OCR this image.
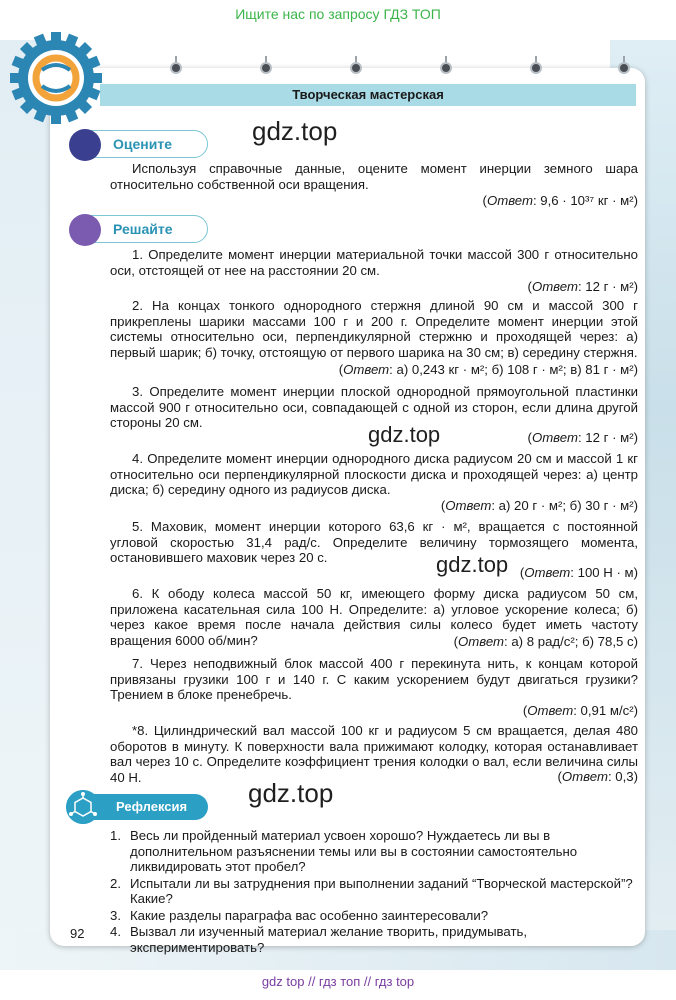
Ищите нас по запросу ГДЗ ТОП
Творческая мастерская
Оцените	gdz.top
Используя справочные данные, оцените момент инерции земного шара относительно собственной оси вращения.
(Ответ: 9,6 · 10³⁷ кг · м²)
Решайте
1. Определите момент инерции материальной точки массой 300 г относительно оси, отстоящей от нее на расстоянии 20 см.
(Ответ: 12 г · м²)
2. На концах тонкого однородного стержня длиной 90 см и массой 300 г прикреплены шарики массами 100 г и 200 г. Определите момент инерции этой системы относительно оси, перпендикулярной стержню и проходящей через: а) первый шарик; б) точку, отстоящую от первого шарика на 30 см; в) середину стержня.
(Ответ: а) 0,243 кг · м²; б) 108 г · м²; в) 81 г · м²)
3. Определите момент инерции плоской однородной прямоугольной пластинки массой 900 г относительно оси, совпадающей с одной из сторон, если длина другой стороны 20 см.	gdz.top	(Ответ: 12 г · м²)
4. Определите момент инерции однородного диска радиусом 20 см и массой 1 кг относительно оси перпендикулярной плоскости диска и проходящей через: а) центр диска; б) середину одного из радиусов диска.
(Ответ: а) 20 г · м²; б) 30 г · м²)
5. Маховик, момент инерции которого 63,6 кг · м², вращается с постоянной угловой скоростью 31,4 рад/с. Определите величину тормозящего момента, остановившего маховик через 20 с.	gdz.top (Ответ: 100 Н · м)
6. К ободу колеса массой 50 кг, имеющего форму диска радиусом 50 см, приложена касательная сила 100 Н. Определите: а) угловое ускорение колеса; б) через какое время после начала действия силы колесо будет иметь частоту вращения 6000 об/мин?	(Ответ: а) 8 рад/с²; б) 78,5 с)
7. Через неподвижный блок массой 400 г перекинута нить, к концам которой привязаны грузики 100 г и 140 г. С каким ускорением будут двигаться грузики? Трением в блоке пренебречь.
(Ответ: 0,91 м/с²)
*8. Цилиндрический вал массой 100 кг и радиусом 5 см вращается, делая 480 оборотов в минуту. К поверхности вала прижимают колодку, которая останавливает вал через 10 с. Определите коэффициент трения колодки о вал, если величина силы 40 Н.	(Ответ: 0,3)
Рефлексия gdz.top
1. Весь ли пройденный материал усвоен хорошо? Нуждаетесь ли вы в дополнительном разъяснении темы или вы в состоянии самостоятельно ликвидировать этот пробел?
2. Испытали ли вы затруднения при выполнении заданий “Творческой мастерской”? Какие?
3. Какие разделы параграфа вас особенно заинтересовали?
4. Вызвал ли изученный материал желание творить, придумывать, экспериментировать?
92
gdz top // гдз топ // гдз top
